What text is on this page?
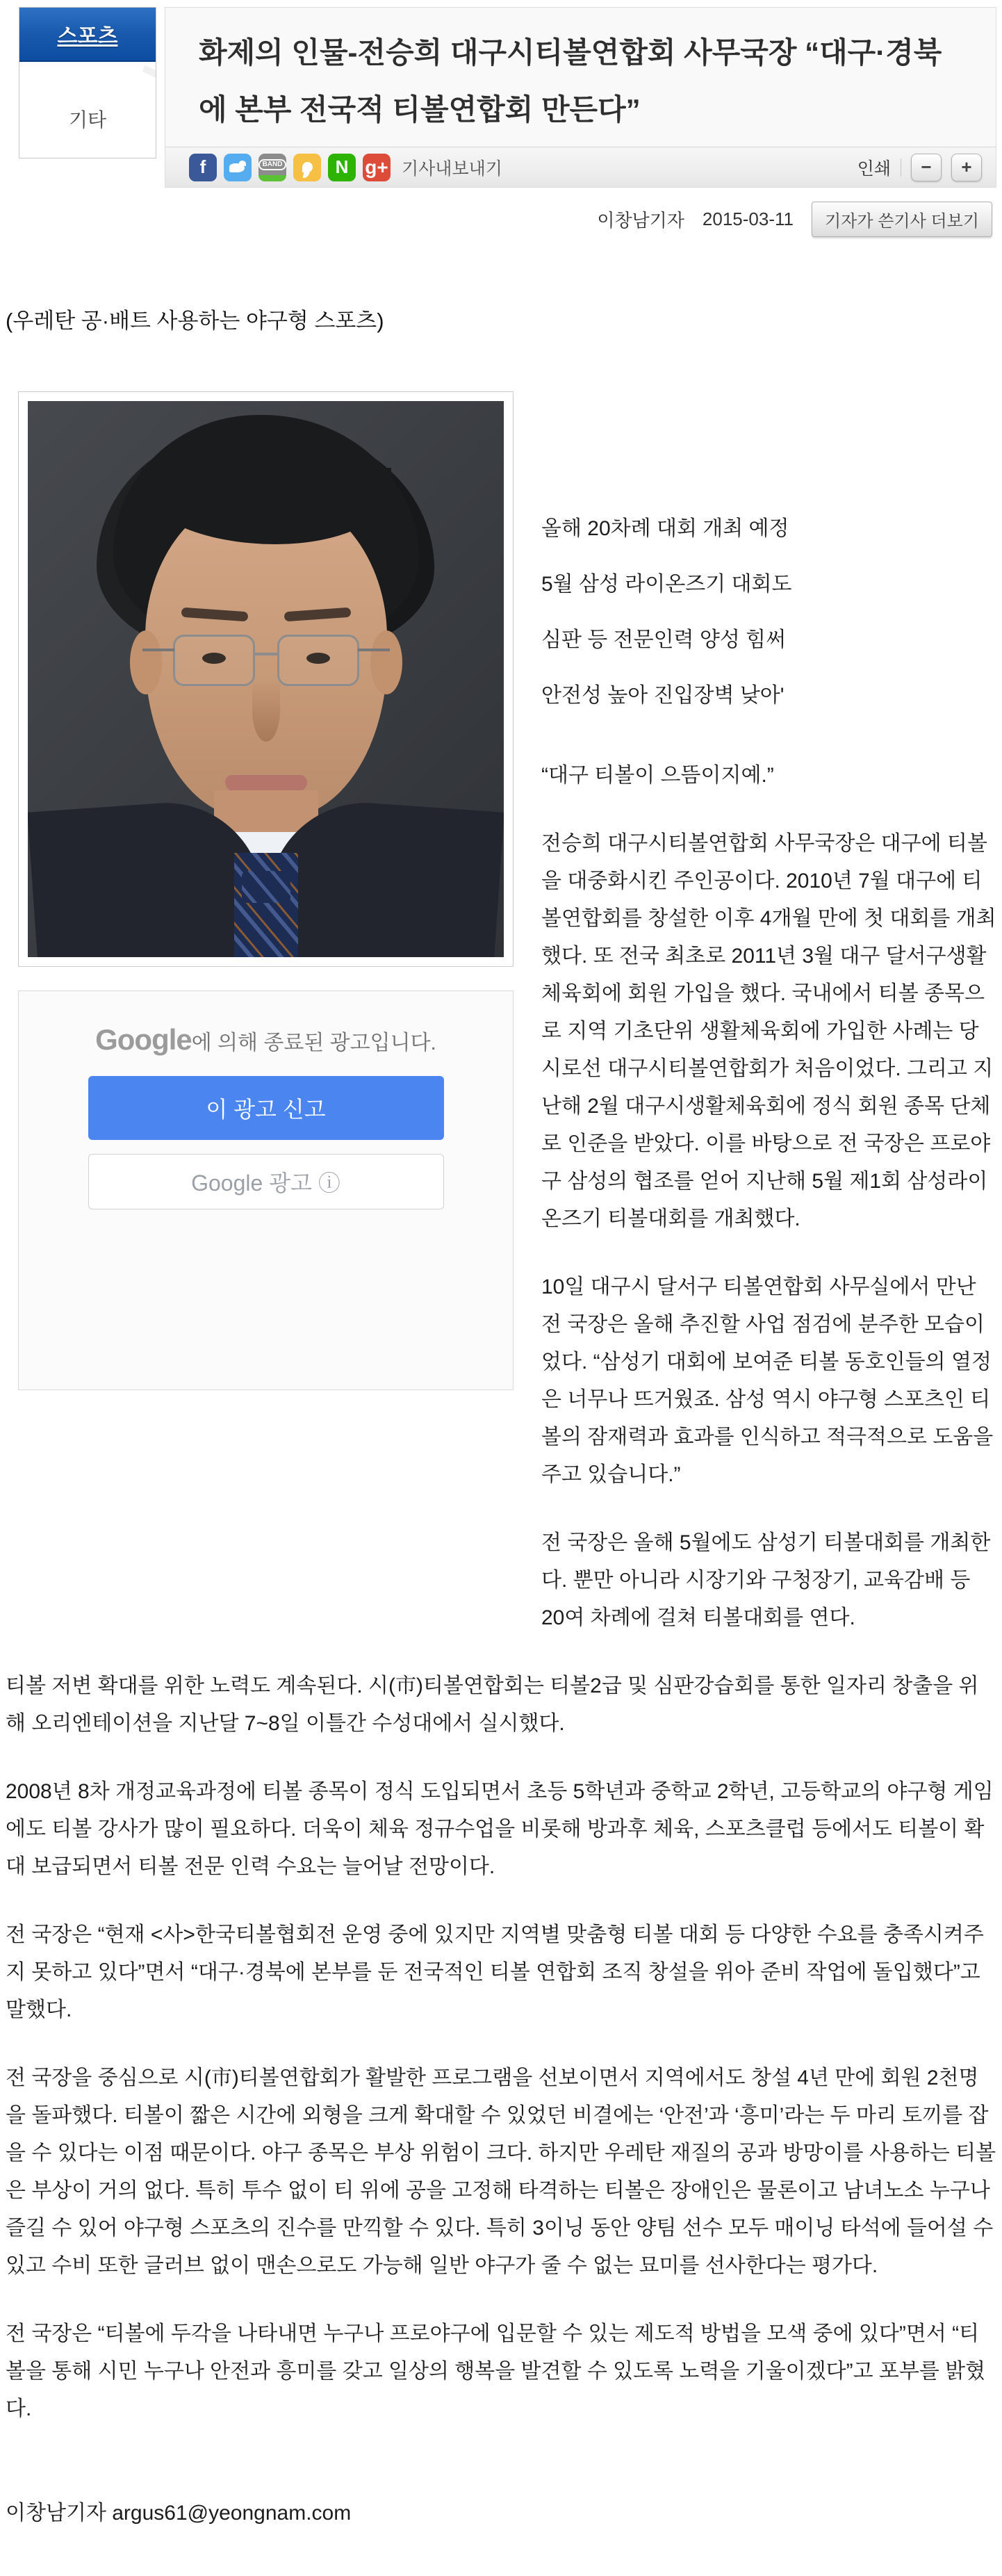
스포츠
기타
화제의 인물-전승희 대구시티볼연합회 사무국장 “대구·경북에 본부 전국적 티볼연합회 만든다”
f	BAND	N g+ 기사내보내기	인쇄	−	+
이창남기자 2015-03-11	기자가 쓴기사 더보기

(우레탄 공·배트 사용하는 야구형 스포츠)

Google에 의해 종료된 광고입니다.
이 광고 신고
Google 광고 ⓘ

올해 20차례 대회 개최 예정
5월 삼성 라이온즈기 대회도
심판 등 전문인력 양성 힘써
안전성 높아 진입장벽 낮아'

“대구 티볼이 으뜸이지예.”

전승희 대구시티볼연합회 사무국장은 대구에 티볼을 대중화시킨 주인공이다. 2010년 7월 대구에 티볼연합회를 창설한 이후 4개월 만에 첫 대회를 개최했다. 또 전국 최초로 2011년 3월 대구 달서구생활체육회에 회원 가입을 했다. 국내에서 티볼 종목으로 지역 기초단위 생활체육회에 가입한 사례는 당시로선 대구시티볼연합회가 처음이었다. 그리고 지난해 2월 대구시생활체육회에 정식 회원 종목 단체로 인준을 받았다. 이를 바탕으로 전 국장은 프로야구 삼성의 협조를 얻어 지난해 5월 제1회 삼성라이온즈기 티볼대회를 개최했다.

10일 대구시 달서구 티볼연합회 사무실에서 만난 전 국장은 올해 추진할 사업 점검에 분주한 모습이었다. “삼성기 대회에 보여준 티볼 동호인들의 열정은 너무나 뜨거웠죠. 삼성 역시 야구형 스포츠인 티볼의 잠재력과 효과를 인식하고 적극적으로 도움을 주고 있습니다.”

전 국장은 올해 5월에도 삼성기 티볼대회를 개최한다. 뿐만 아니라 시장기와 구청장기, 교육감배 등 20여 차례에 걸쳐 티볼대회를 연다.

티볼 저변 확대를 위한 노력도 계속된다. 시(市)티볼연합회는 티볼2급 및 심판강습회를 통한 일자리 창출을 위해 오리엔테이션을 지난달 7~8일 이틀간 수성대에서 실시했다.

2008년 8차 개정교육과정에 티볼 종목이 정식 도입되면서 초등 5학년과 중학교 2학년, 고등학교의 야구형 게임에도 티볼 강사가 많이 필요하다. 더욱이 체육 정규수업을 비롯해 방과후 체육, 스포츠클럽 등에서도 티볼이 확대 보급되면서 티볼 전문 인력 수요는 늘어날 전망이다.

전 국장은 “현재 <사>한국티볼협회전 운영 중에 있지만 지역별 맞춤형 티볼 대회 등 다양한 수요를 충족시켜주지 못하고 있다”면서 “대구·경북에 본부를 둔 전국적인 티볼 연합회 조직 창설을 위아 준비 작업에 돌입했다”고 말했다.

전 국장을 중심으로 시(市)티볼연합회가 활발한 프로그램을 선보이면서 지역에서도 창설 4년 만에 회원 2천명을 돌파했다. 티볼이 짧은 시간에 외형을 크게 확대할 수 있었던 비결에는 ‘안전’과 ‘흥미’라는 두 마리 토끼를 잡을 수 있다는 이점 때문이다. 야구 종목은 부상 위험이 크다. 하지만 우레탄 재질의 공과 방망이를 사용하는 티볼은 부상이 거의 없다. 특히 투수 없이 티 위에 공을 고정해 타격하는 티볼은 장애인은 물론이고 남녀노소 누구나 즐길 수 있어 야구형 스포츠의 진수를 만끽할 수 있다. 특히 3이닝 동안 양팀 선수 모두 매이닝 타석에 들어설 수 있고 수비 또한 글러브 없이 맨손으로도 가능해 일반 야구가 줄 수 없는 묘미를 선사한다는 평가다.

전 국장은 “티볼에 두각을 나타내면 누구나 프로야구에 입문할 수 있는 제도적 방법을 모색 중에 있다”면서 “티볼을 통해 시민 누구나 안전과 흥미를 갖고 일상의 행복을 발견할 수 있도록 노력을 기울이겠다”고 포부를 밝혔다.

이창남기자 argus61@yeongnam.com
